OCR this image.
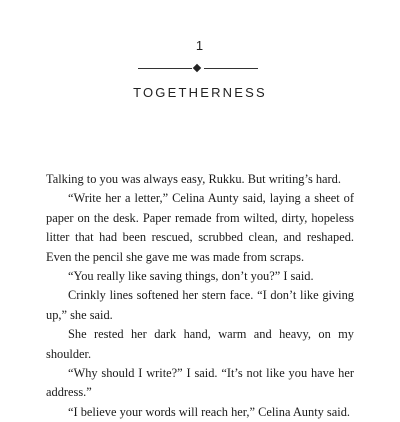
1
TOGETHERNESS

Talking to you was always easy, Rukku. But writing’s hard.

“Write her a letter,” Celina Aunty said, laying a sheet of paper on the desk. Paper remade from wilted, dirty, hopeless litter that had been rescued, scrubbed clean, and reshaped. Even the pencil she gave me was made from scraps.

“You really like saving things, don’t you?” I said.

Crinkly lines softened her stern face. “I don’t like giving up,” she said.

She rested her dark hand, warm and heavy, on my shoulder.

“Why should I write?” I said. “It’s not like you have her address.”

“I believe your words will reach her,” Celina Aunty said.
